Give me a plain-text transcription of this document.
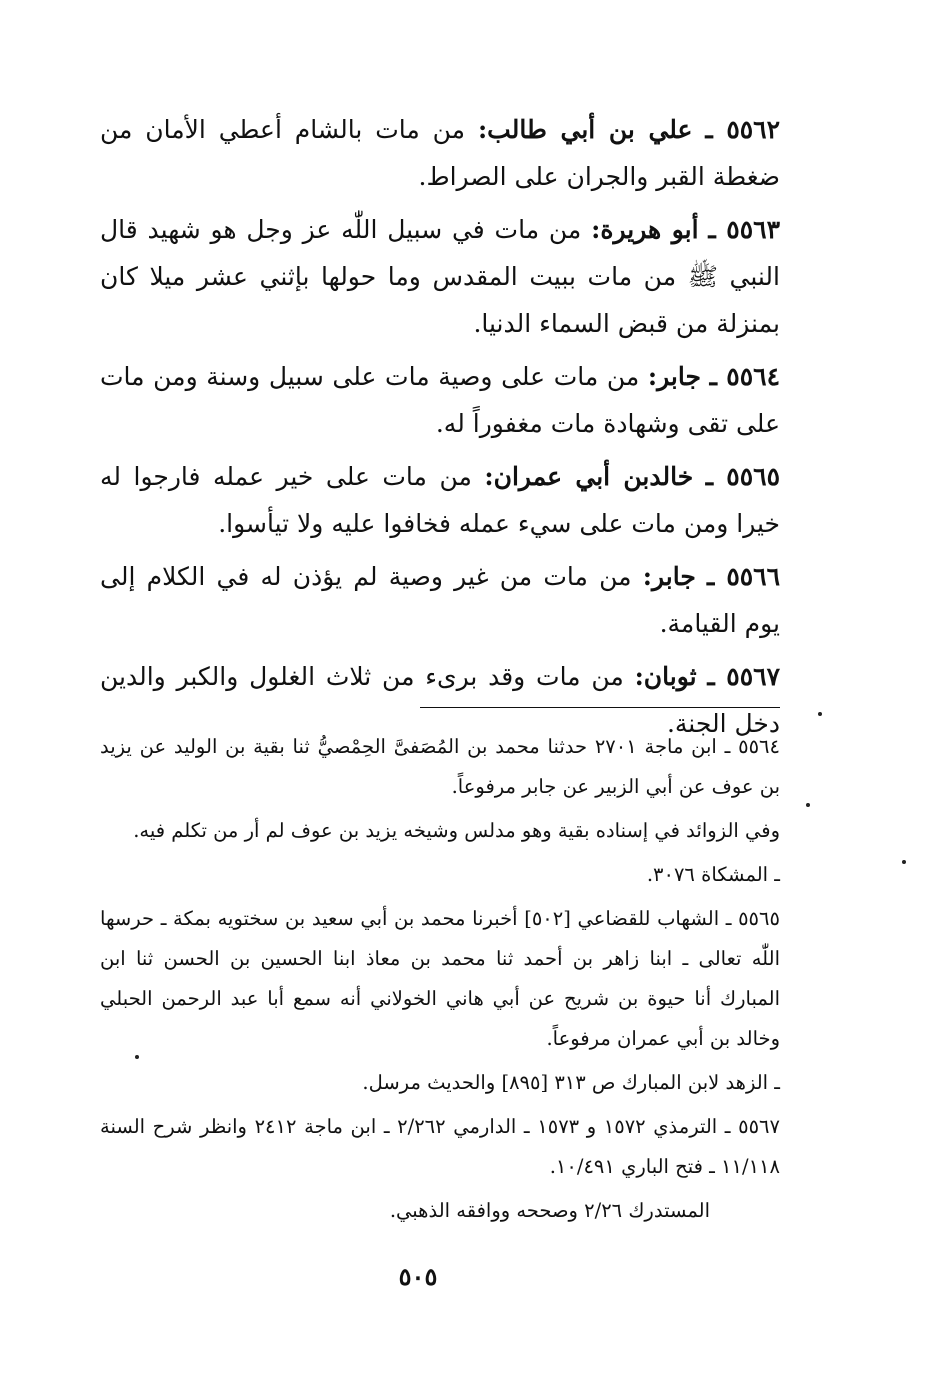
٥٥٦٢ ـ علي بن أبي طالب: من مات بالشام أعطي الأمان من ضغطة القبر والجران على الصراط.

٥٥٦٣ ـ أبو هريرة: من مات في سبيل اللّٰه عز وجل هو شهيد قال النبي ﷺ من مات ببيت المقدس وما حولها بإثني عشر ميلا كان بمنزلة من قبض السماء الدنيا.

٥٥٦٤ ـ جابر: من مات على وصية مات على سبيل وسنة ومن مات على تقى وشهادة مات مغفوراً له.

٥٥٦٥ ـ خالدبن أبي عمران: من مات على خير عمله فارجوا له خيرا ومن مات على سيء عمله فخافوا عليه ولا تيأسوا.

٥٥٦٦ ـ جابر: من مات من غير وصية لم يؤذن له في الكلام إلى يوم القيامة.

٥٥٦٧ ـ ثوبان: من مات وقد برىء من ثلاث الغلول والكبر والدين دخل الجنة.

٥٥٦٤ ـ ابن ماجة ٢٧٠١ حدثنا محمد بن المُصَفىَّ الحِمْصيُّ ثنا بقية بن الوليد عن يزيد بن عوف عن أبي الزبير عن جابر مرفوعاً.

وفي الزوائد في إسناده بقية وهو مدلس وشيخه يزيد بن عوف لم أر من تكلم فيه.

ـ المشكاة ٣٠٧٦.

٥٥٦٥ ـ الشهاب للقضاعي [٥٠٢] أخبرنا محمد بن أبي سعيد بن سختويه بمكة ـ حرسها اللّٰه تعالى ـ ابنا زاهر بن أحمد ثنا محمد بن معاذ ابنا الحسين بن الحسن ثنا ابن المبارك أنا حيوة بن شريح عن أبي هاني الخولاني أنه سمع أبا عبد الرحمن الحبلي وخالد بن أبي عمران مرفوعاً.

ـ الزهد لابن المبارك ص ٣١٣ [٨٩٥] والحديث مرسل.

٥٥٦٧ ـ الترمذي ١٥٧٢ و ١٥٧٣ ـ الدارمي ٢/٢٦٢ ـ ابن ماجة ٢٤١٢ وانظر شرح السنة ١١/١١٨ ـ فتح الباري ١٠/٤٩١.

المستدرك ٢/٢٦ وصححه ووافقه الذهبي.

٥٠٥
